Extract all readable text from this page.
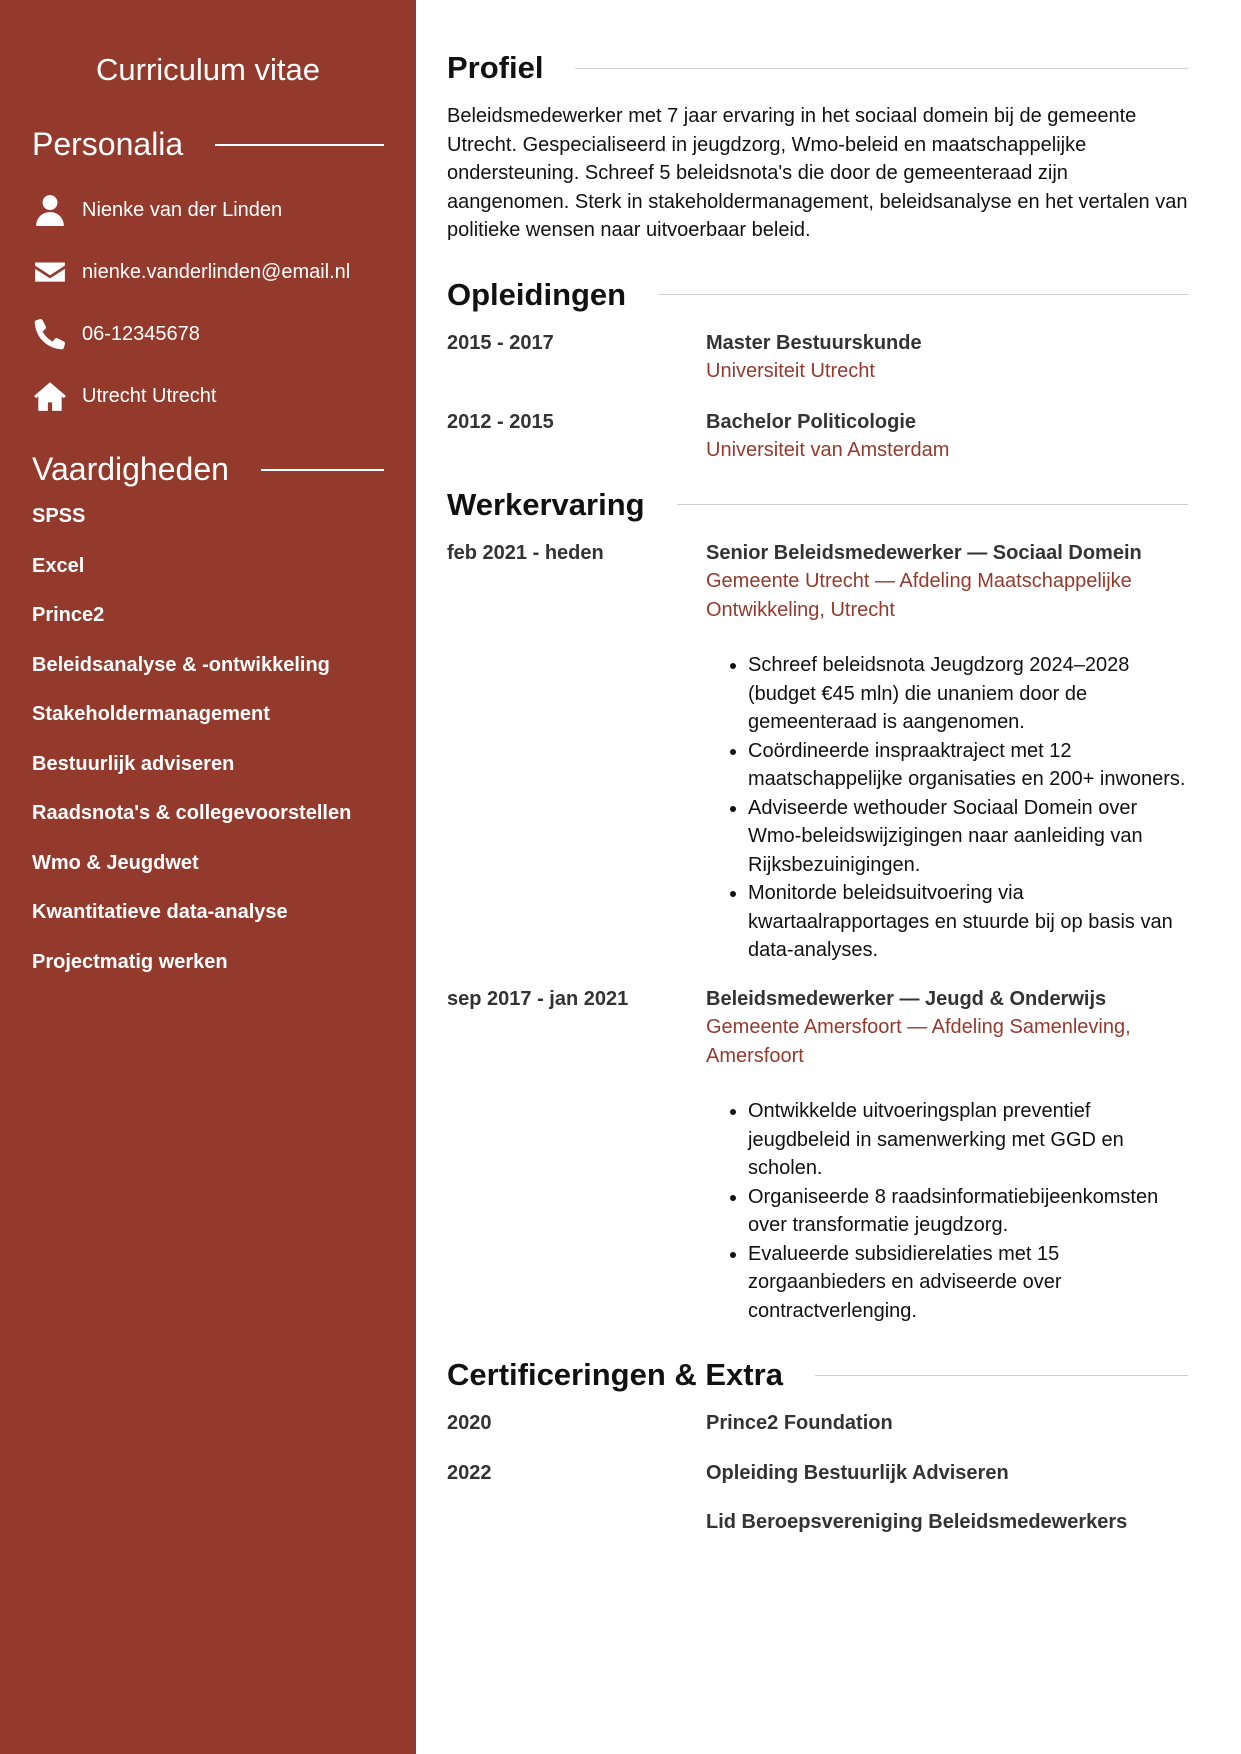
Curriculum vitae
Personalia
Nienke van der Linden
nienke.vanderlinden@email.nl
06-12345678
Utrecht Utrecht
Vaardigheden
SPSS
Excel
Prince2
Beleidsanalyse & -ontwikkeling
Stakeholdermanagement
Bestuurlijk adviseren
Raadsnota's & collegevoorstellen
Wmo & Jeugdwet
Kwantitatieve data-analyse
Projectmatig werken
Profiel

Beleidsmedewerker met 7 jaar ervaring in het sociaal domein bij de gemeente Utrecht. Gespecialiseerd in jeugdzorg, Wmo-beleid en maatschappelijke ondersteuning. Schreef 5 beleidsnota's die door de gemeenteraad zijn aangenomen. Sterk in stakeholdermanagement, beleidsanalyse en het vertalen van politieke wensen naar uitvoerbaar beleid.

Opleidingen
2015 - 2017	Master Bestuurskunde
Universiteit Utrecht
2012 - 2015	Bachelor Politicologie
Universiteit van Amsterdam
Werkervaring
feb 2021 - heden	Senior Beleidsmedewerker — Sociaal Domein
Gemeente Utrecht — Afdeling Maatschappelijke Ontwikkeling, Utrecht
• Schreef beleidsnota Jeugdzorg 2024–2028 (budget €45 mln) die unaniem door de gemeenteraad is aangenomen.
• Coördineerde inspraaktraject met 12 maatschappelijke organisaties en 200+ inwoners.
• Adviseerde wethouder Sociaal Domein over Wmo-beleidswijzigingen naar aanleiding van Rijksbezuinigingen.
• Monitorde beleidsuitvoering via kwartaalrapportages en stuurde bij op basis van data-analyses.
sep 2017 - jan 2021	Beleidsmedewerker — Jeugd & Onderwijs
Gemeente Amersfoort — Afdeling Samenleving, Amersfoort
• Ontwikkelde uitvoeringsplan preventief jeugdbeleid in samenwerking met GGD en scholen.
• Organiseerde 8 raadsinformatiebijeenkomsten over transformatie jeugdzorg.
• Evalueerde subsidierelaties met 15 zorgaanbieders en adviseerde over contractverlenging.
Certificeringen & Extra
2020	Prince2 Foundation
2022	Opleiding Bestuurlijk Adviseren
Lid Beroepsvereniging Beleidsmedewerkers
